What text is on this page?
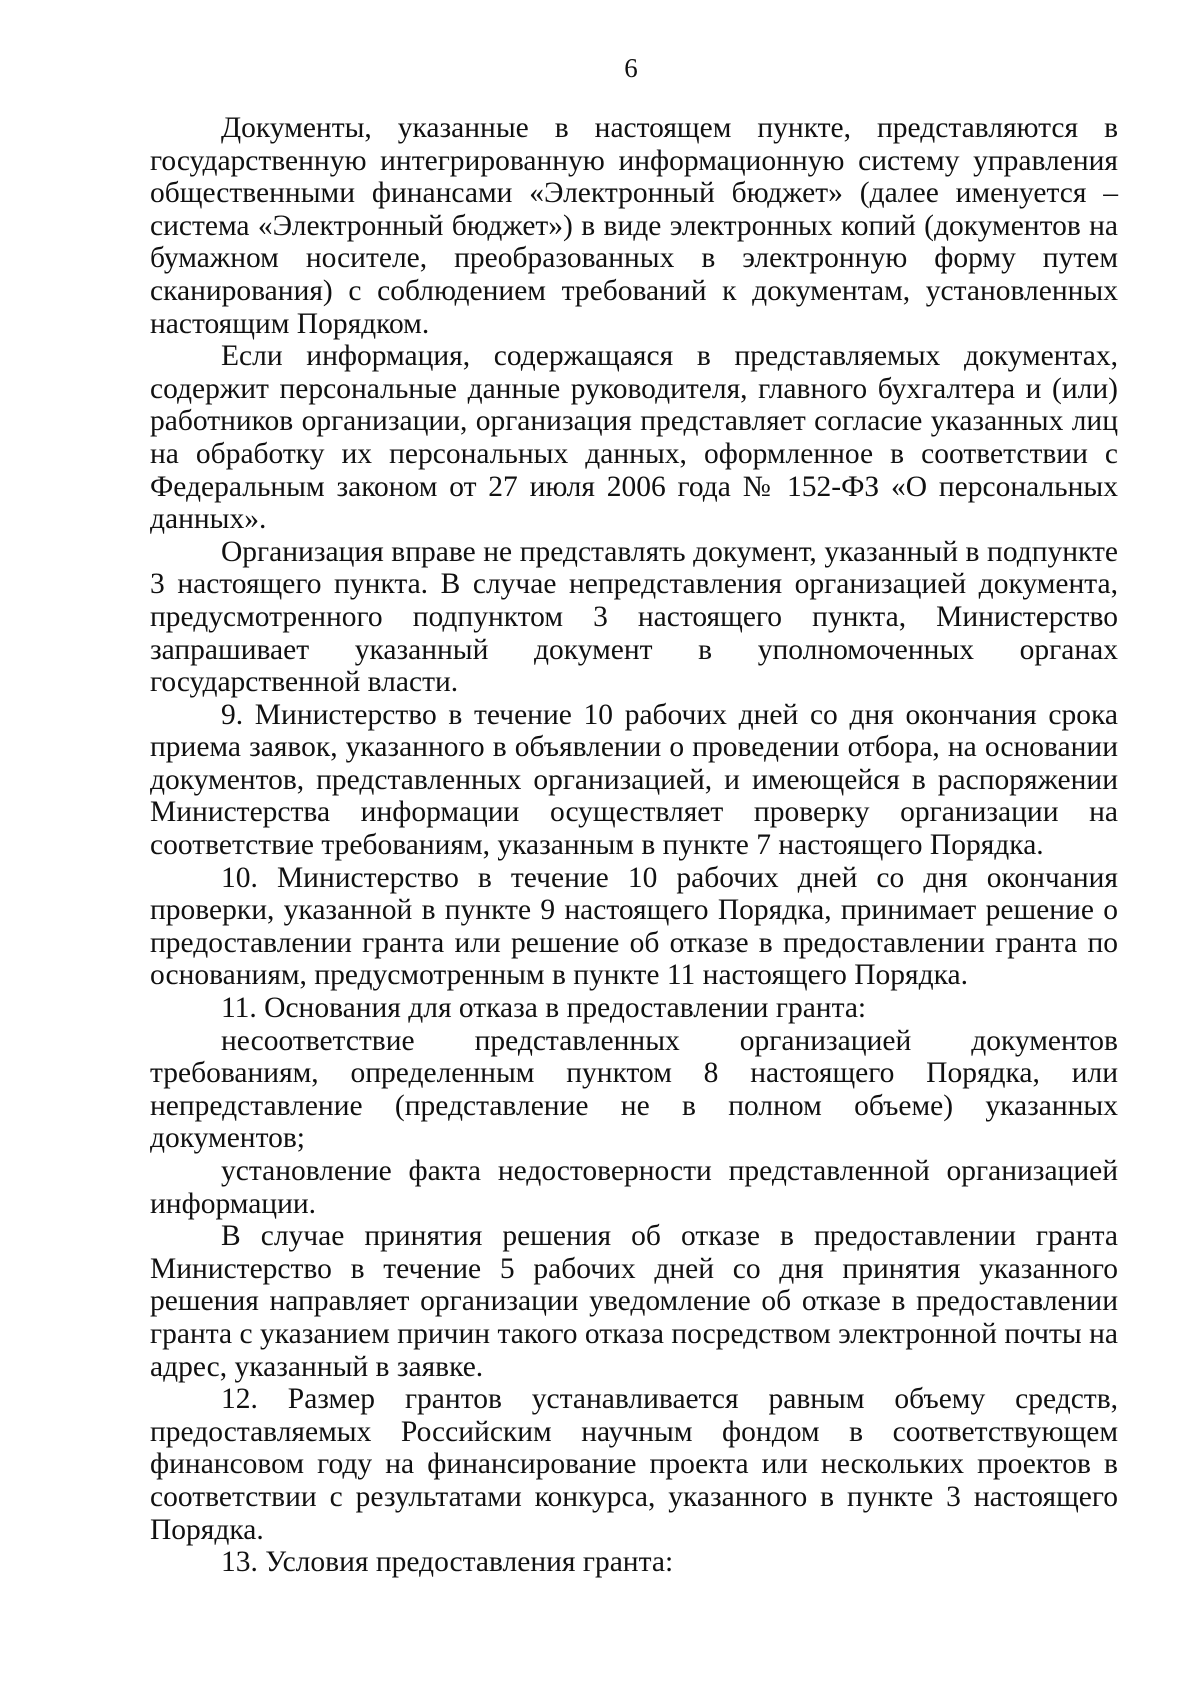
6

Документы, указанные в настоящем пункте, представляются в государственную интегрированную информационную систему управления общественными финансами «Электронный бюджет» (далее именуется – система «Электронный бюджет») в виде электронных копий (документов на бумажном носителе, преобразованных в электронную форму путем сканирования) с соблюдением требований к документам, установленных настоящим Порядком.

Если информация, содержащаяся в представляемых документах, содержит персональные данные руководителя, главного бухгалтера и (или) работников организации, организация представляет согласие указанных лиц на обработку их персональных данных, оформленное в соответствии с Федеральным законом от 27 июля 2006 года № 152-ФЗ «О персональных данных».

Организация вправе не представлять документ, указанный в подпункте 3 настоящего пункта. В случае непредставления организацией документа, предусмотренного подпунктом 3 настоящего пункта, Министерство запрашивает указанный документ в уполномоченных органах государственной власти.

9. Министерство в течение 10 рабочих дней со дня окончания срока приема заявок, указанного в объявлении о проведении отбора, на основании документов, представленных организацией, и имеющейся в распоряжении Министерства информации осуществляет проверку организации на соответствие требованиям, указанным в пункте 7 настоящего Порядка.

10. Министерство в течение 10 рабочих дней со дня окончания проверки, указанной в пункте 9 настоящего Порядка, принимает решение о предоставлении гранта или решение об отказе в предоставлении гранта по основаниям, предусмотренным в пункте 11 настоящего Порядка.

11. Основания для отказа в предоставлении гранта:

несоответствие представленных организацией документов требованиям, определенным пунктом 8 настоящего Порядка, или непредставление (представление не в полном объеме) указанных документов;

установление факта недостоверности представленной организацией информации.

В случае принятия решения об отказе в предоставлении гранта Министерство в течение 5 рабочих дней со дня принятия указанного решения направляет организации уведомление об отказе в предоставлении гранта с указанием причин такого отказа посредством электронной почты на адрес, указанный в заявке.

12. Размер грантов устанавливается равным объему средств, предоставляемых Российским научным фондом в соответствующем финансовом году на финансирование проекта или нескольких проектов в соответствии с результатами конкурса, указанного в пункте 3 настоящего Порядка.

13. Условия предоставления гранта:
